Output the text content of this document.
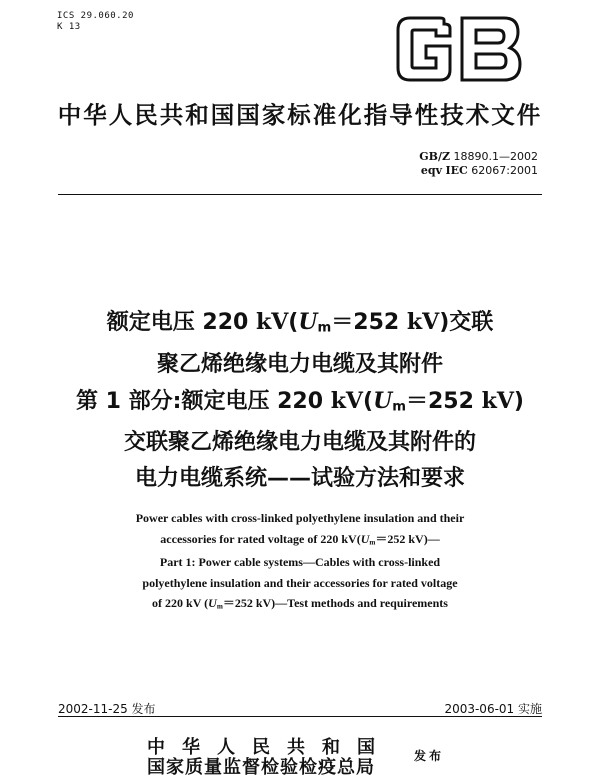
ICS 29.060.20
K 13
中华人民共和国国家标准化指导性技术文件
GB/Z 18890.1—2002
eqv IEC 62067:2001
额定电压 220 $kV(U_m=252$ kV)交联
聚乙烯绝缘电力电缆及其附件
第 1 部分:额定电压 220 $kV(U_m=252$ kV)
交联聚乙烯绝缘电力电缆及其附件的
电力电缆系统——试验方法和要求
Power cables with cross-linked polyethylene insulation and their
accessories for rated voltage of 220 $kV(U_m=252$ kV)—
Part 1: Power cable systems—Cables with cross-linked
polyethylene insulation and their accessories for rated voltage
of 220 kV ($U_m=252$ kV)—Test methods and requirements
2002-11-25 发布	2003-06-01 实施
中华人民共和国
国家质量监督检验检疫总局
发布
